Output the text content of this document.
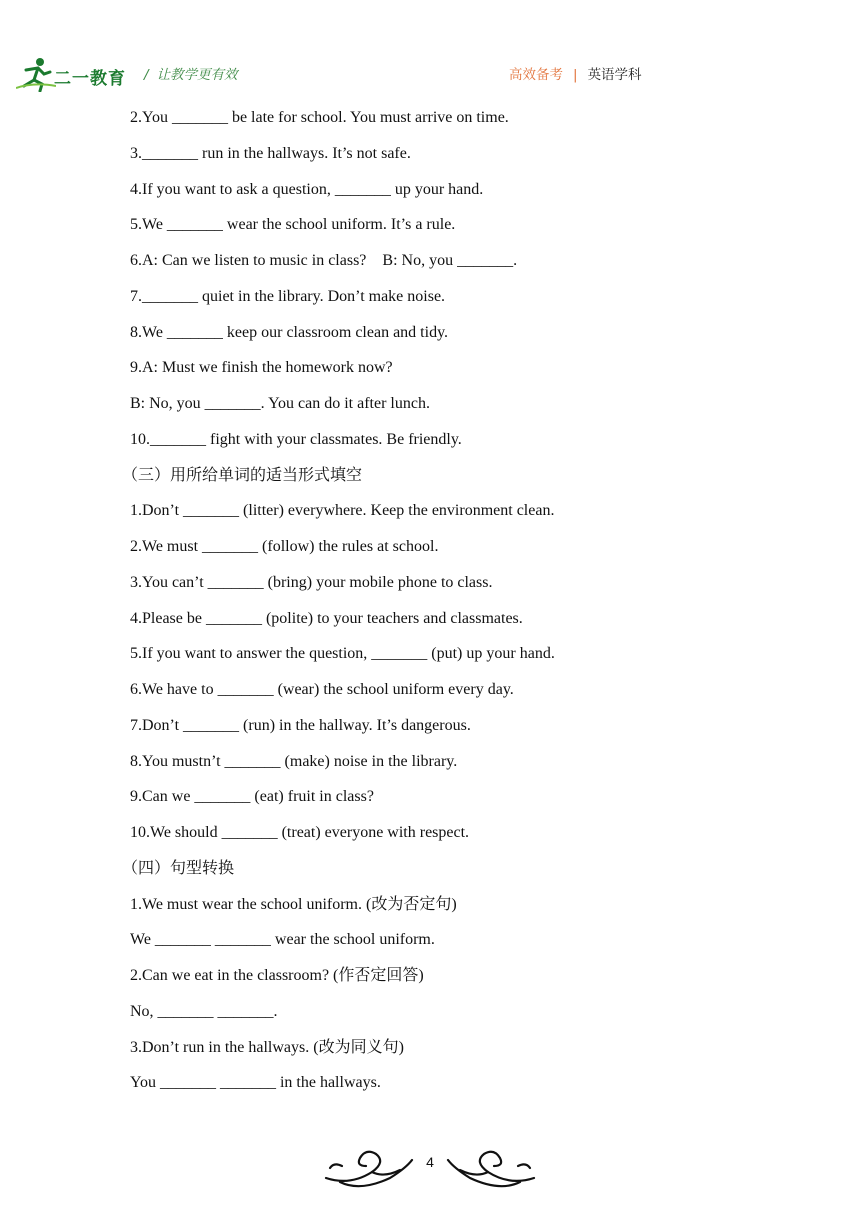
二一教育 / 让教学更有效	高效备考 | 英语学科
2.You _______ be late for school. You must arrive on time.
3._______ run in the hallways. It’s not safe.
4.If you want to ask a question, _______ up your hand.
5.We _______ wear the school uniform. It’s a rule.
6.A: Can we listen to music in class?    B: No, you _______.
7._______ quiet in the library. Don’t make noise.
8.We _______ keep our classroom clean and tidy.
9.A: Must we finish the homework now?
B: No, you _______. You can do it after lunch.
10._______ fight with your classmates. Be friendly.
（三）用所给单词的适当形式填空
1.Don’t _______ (litter) everywhere. Keep the environment clean.
2.We must _______ (follow) the rules at school.
3.You can’t _______ (bring) your mobile phone to class.
4.Please be _______ (polite) to your teachers and classmates.
5.If you want to answer the question, _______ (put) up your hand.
6.We have to _______ (wear) the school uniform every day.
7.Don’t _______ (run) in the hallway. It’s dangerous.
8.You mustn’t _______ (make) noise in the library.
9.Can we _______ (eat) fruit in class?
10.We should _______ (treat) everyone with respect.
（四）句型转换
1.We must wear the school uniform. (改为否定句)
We _______ _______ wear the school uniform.
2.Can we eat in the classroom? (作否定回答)
No, _______ _______.
3.Don’t run in the hallways. (改为同义句)
You _______ _______ in the hallways.
4
